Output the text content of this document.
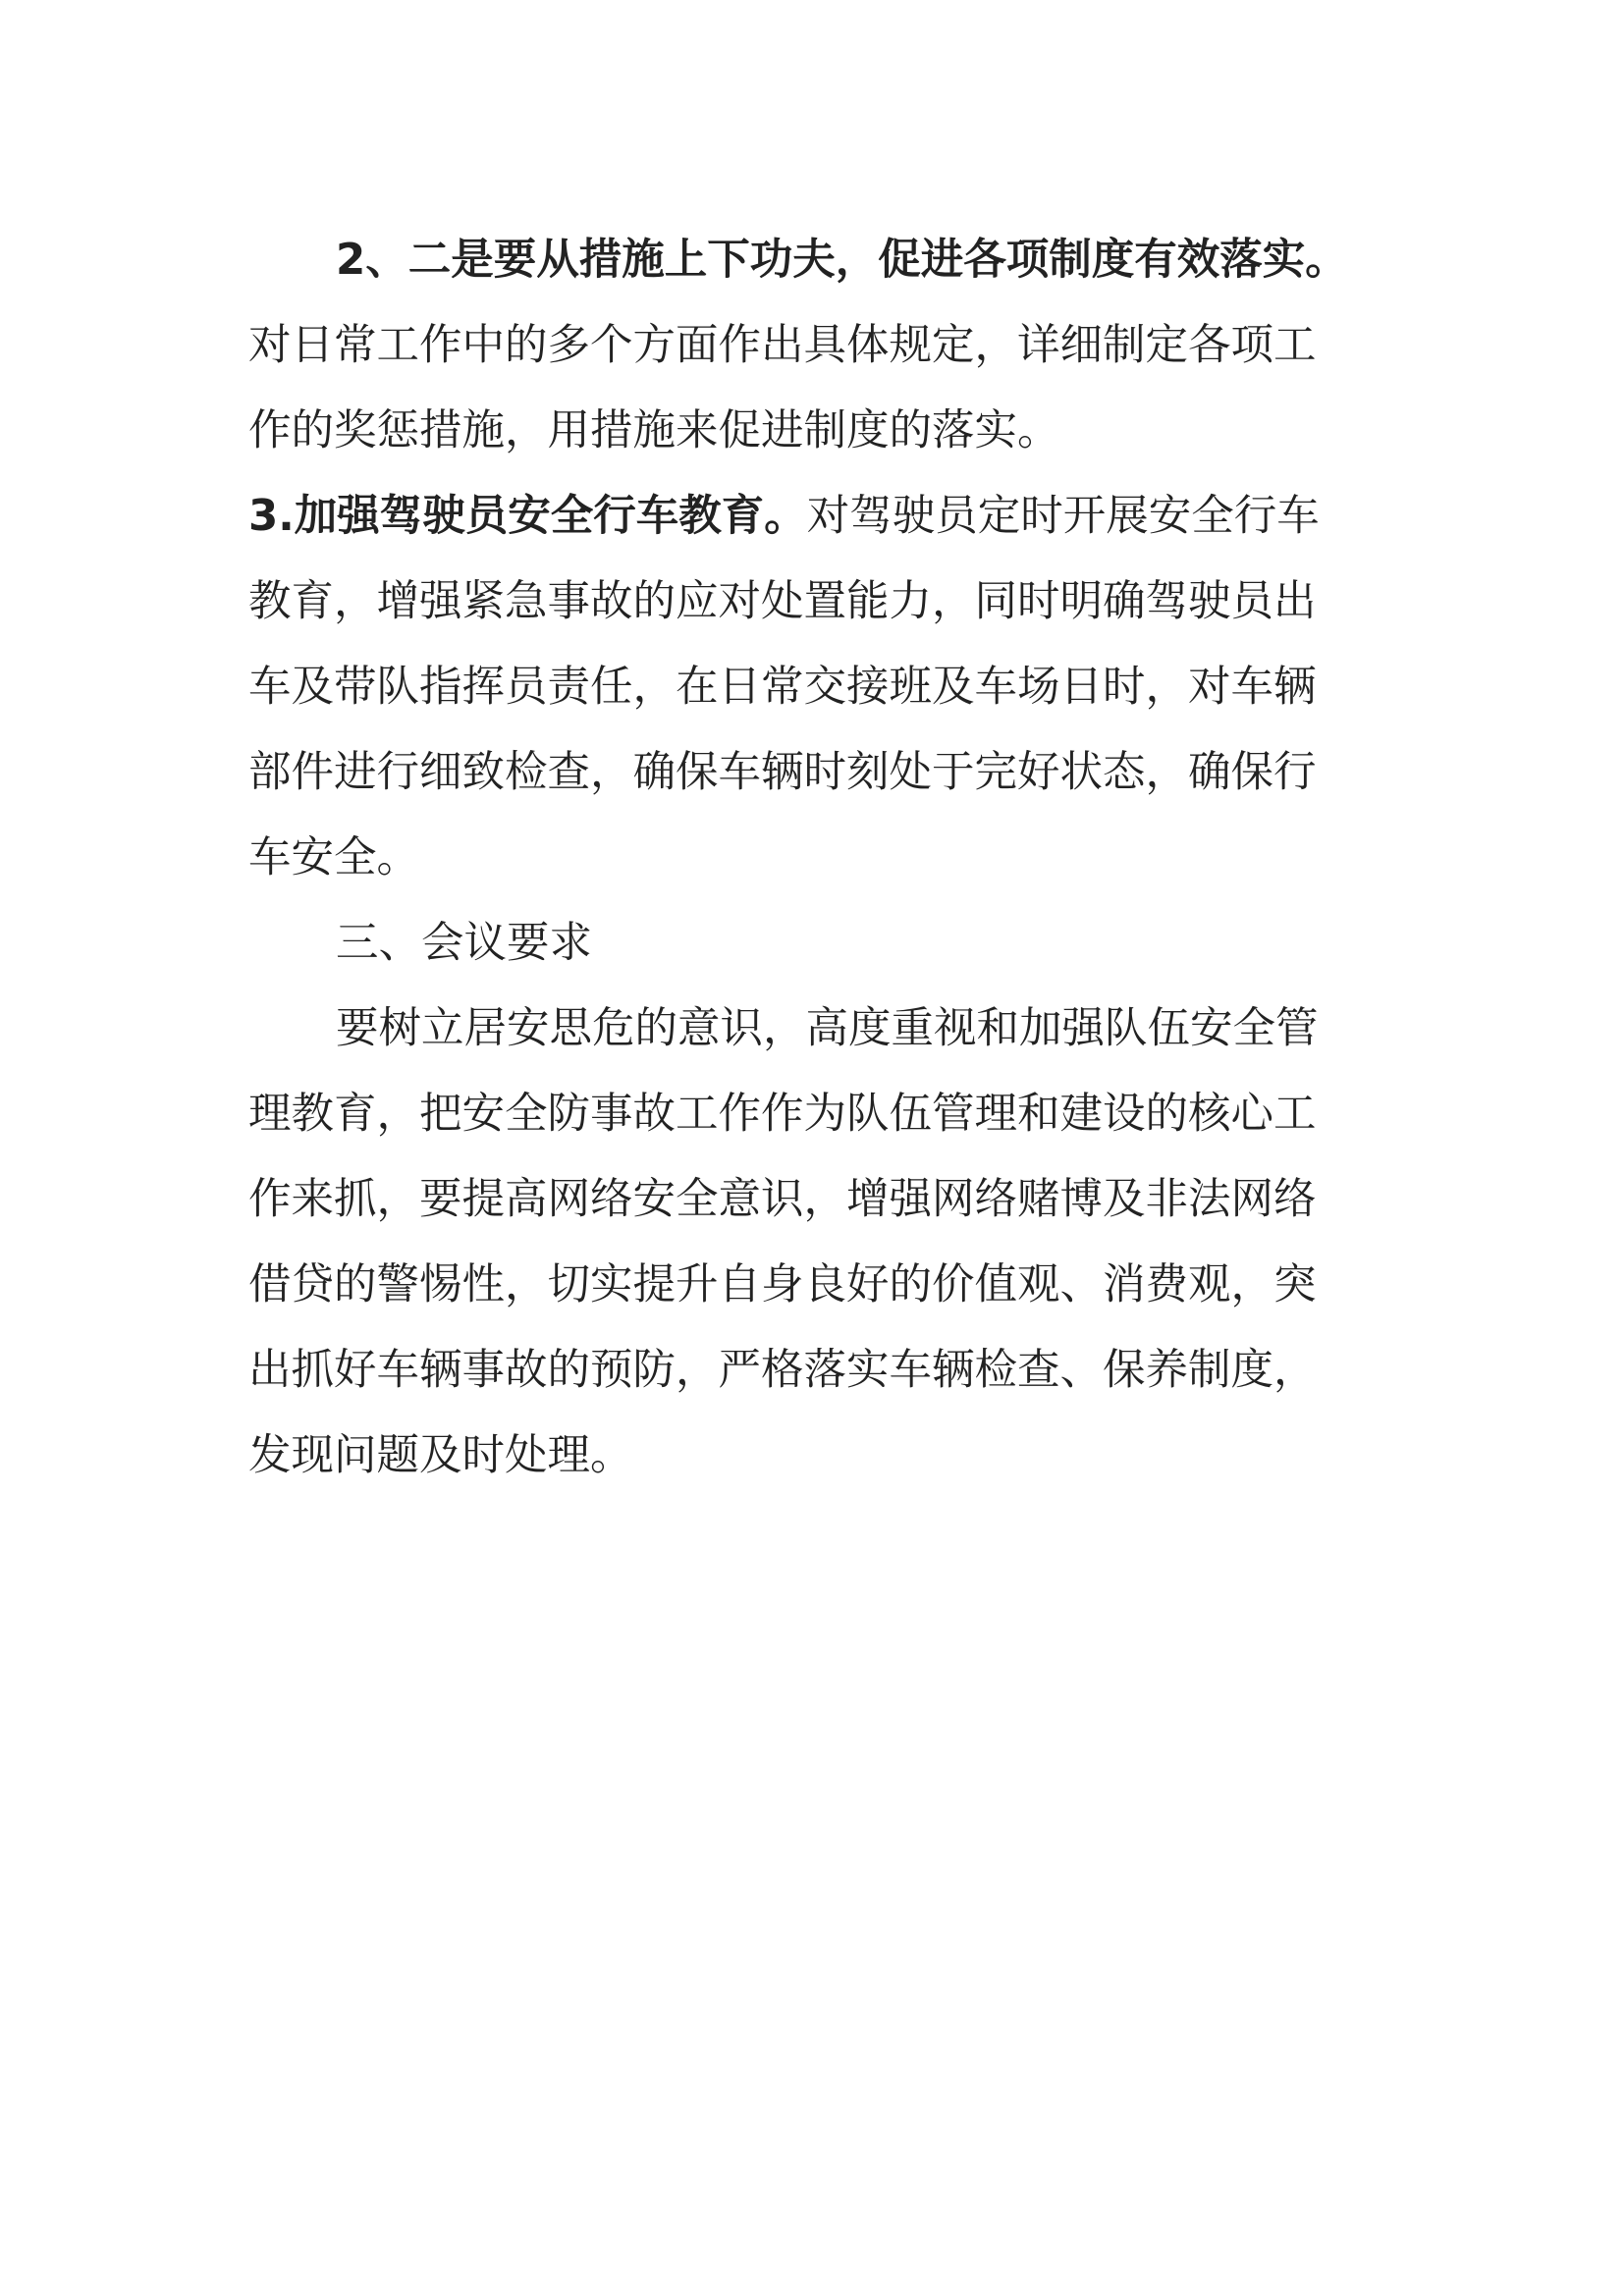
2、二是要从措施上下功夫，促进各项制度有效落实。
对日常工作中的多个方面作出具体规定，详细制定各项工
作的奖惩措施，用措施来促进制度的落实。
3.加强驾驶员安全行车教育。对驾驶员定时开展安全行车
教育，增强紧急事故的应对处置能力，同时明确驾驶员出
车及带队指挥员责任，在日常交接班及车场日时，对车辆
部件进行细致检查，确保车辆时刻处于完好状态，确保行
车安全。
三、会议要求
要树立居安思危的意识，高度重视和加强队伍安全管
理教育，把安全防事故工作作为队伍管理和建设的核心工
作来抓，要提高网络安全意识，增强网络赌博及非法网络
借贷的警惕性，切实提升自身良好的价值观、消费观，突
出抓好车辆事故的预防，严格落实车辆检查、保养制度，
发现问题及时处理。
